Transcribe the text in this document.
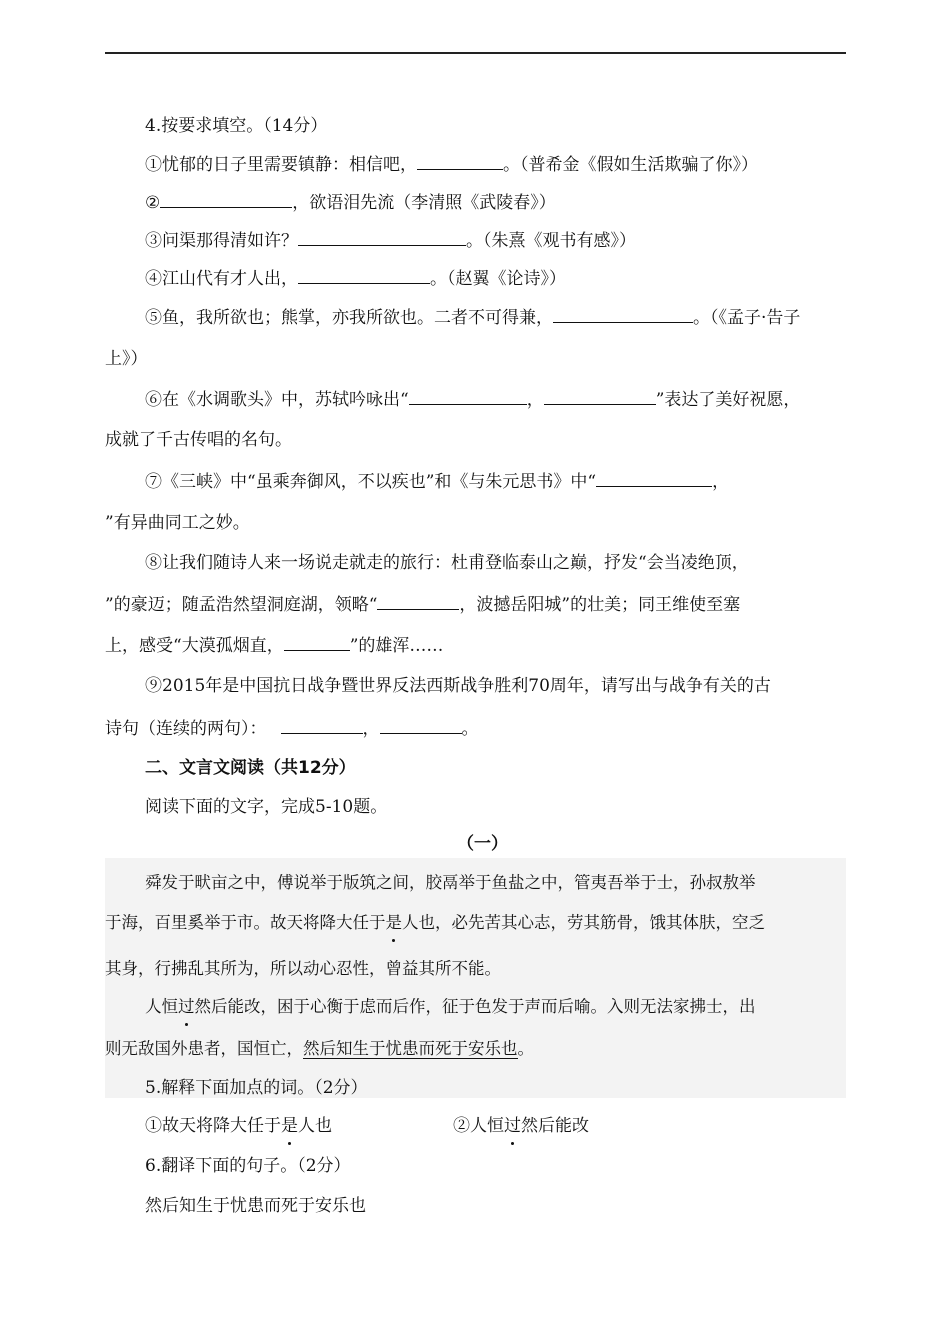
4.按要求填空。（14分）
①忧郁的日子里需要镇静：相信吧，	。（普希金《假如生活欺骗了你》）
②	，欲语泪先流（李清照《武陵春》）
③问渠那得清如许？	。（朱熹《观书有感》）
④江山代有才人出，	。（赵翼《论诗》）
⑤鱼，我所欲也；熊掌，亦我所欲也。二者不可得兼，	。（《孟子·告子
上》）
⑥在《水调歌头》中，苏轼吟咏出“	，	”表达了美好祝愿，
成就了千古传唱的名句。
⑦《三峡》中“虽乘奔御风，不以疾也”和《与朱元思书》中“	，
”有异曲同工之妙。
⑧让我们随诗人来一场说走就走的旅行：杜甫登临泰山之巅，抒发“会当凌绝顶，
”的豪迈；随孟浩然望洞庭湖，领略“	，波撼岳阳城”的壮美；同王维使至塞
上，感受“大漠孤烟直，	”的雄浑……
⑨2015年是中国抗日战争暨世界反法西斯战争胜利70周年，请写出与战争有关的古
诗句（连续的两句）：	，	。
二、文言文阅读（共12分）
阅读下面的文字，完成5-10题。
（一）
舜发于畎亩之中，傅说举于版筑之间，胶鬲举于鱼盐之中，管夷吾举于士，孙叔敖举
于海，百里奚举于市。故天将降大任于是人也，必先苦其心志，劳其筋骨，饿其体肤，空乏
其身，行拂乱其所为，所以动心忍性，曾益其所不能。
人恒过然后能改，困于心衡于虑而后作，征于色发于声而后喻。入则无法家拂士，出
则无敌国外患者，国恒亡，然后知生于忧患而死于安乐也。
5.解释下面加点的词。（2分）
①故天将降大任于是人也	②人恒过然后能改
6.翻译下面的句子。（2分）
然后知生于忧患而死于安乐也
